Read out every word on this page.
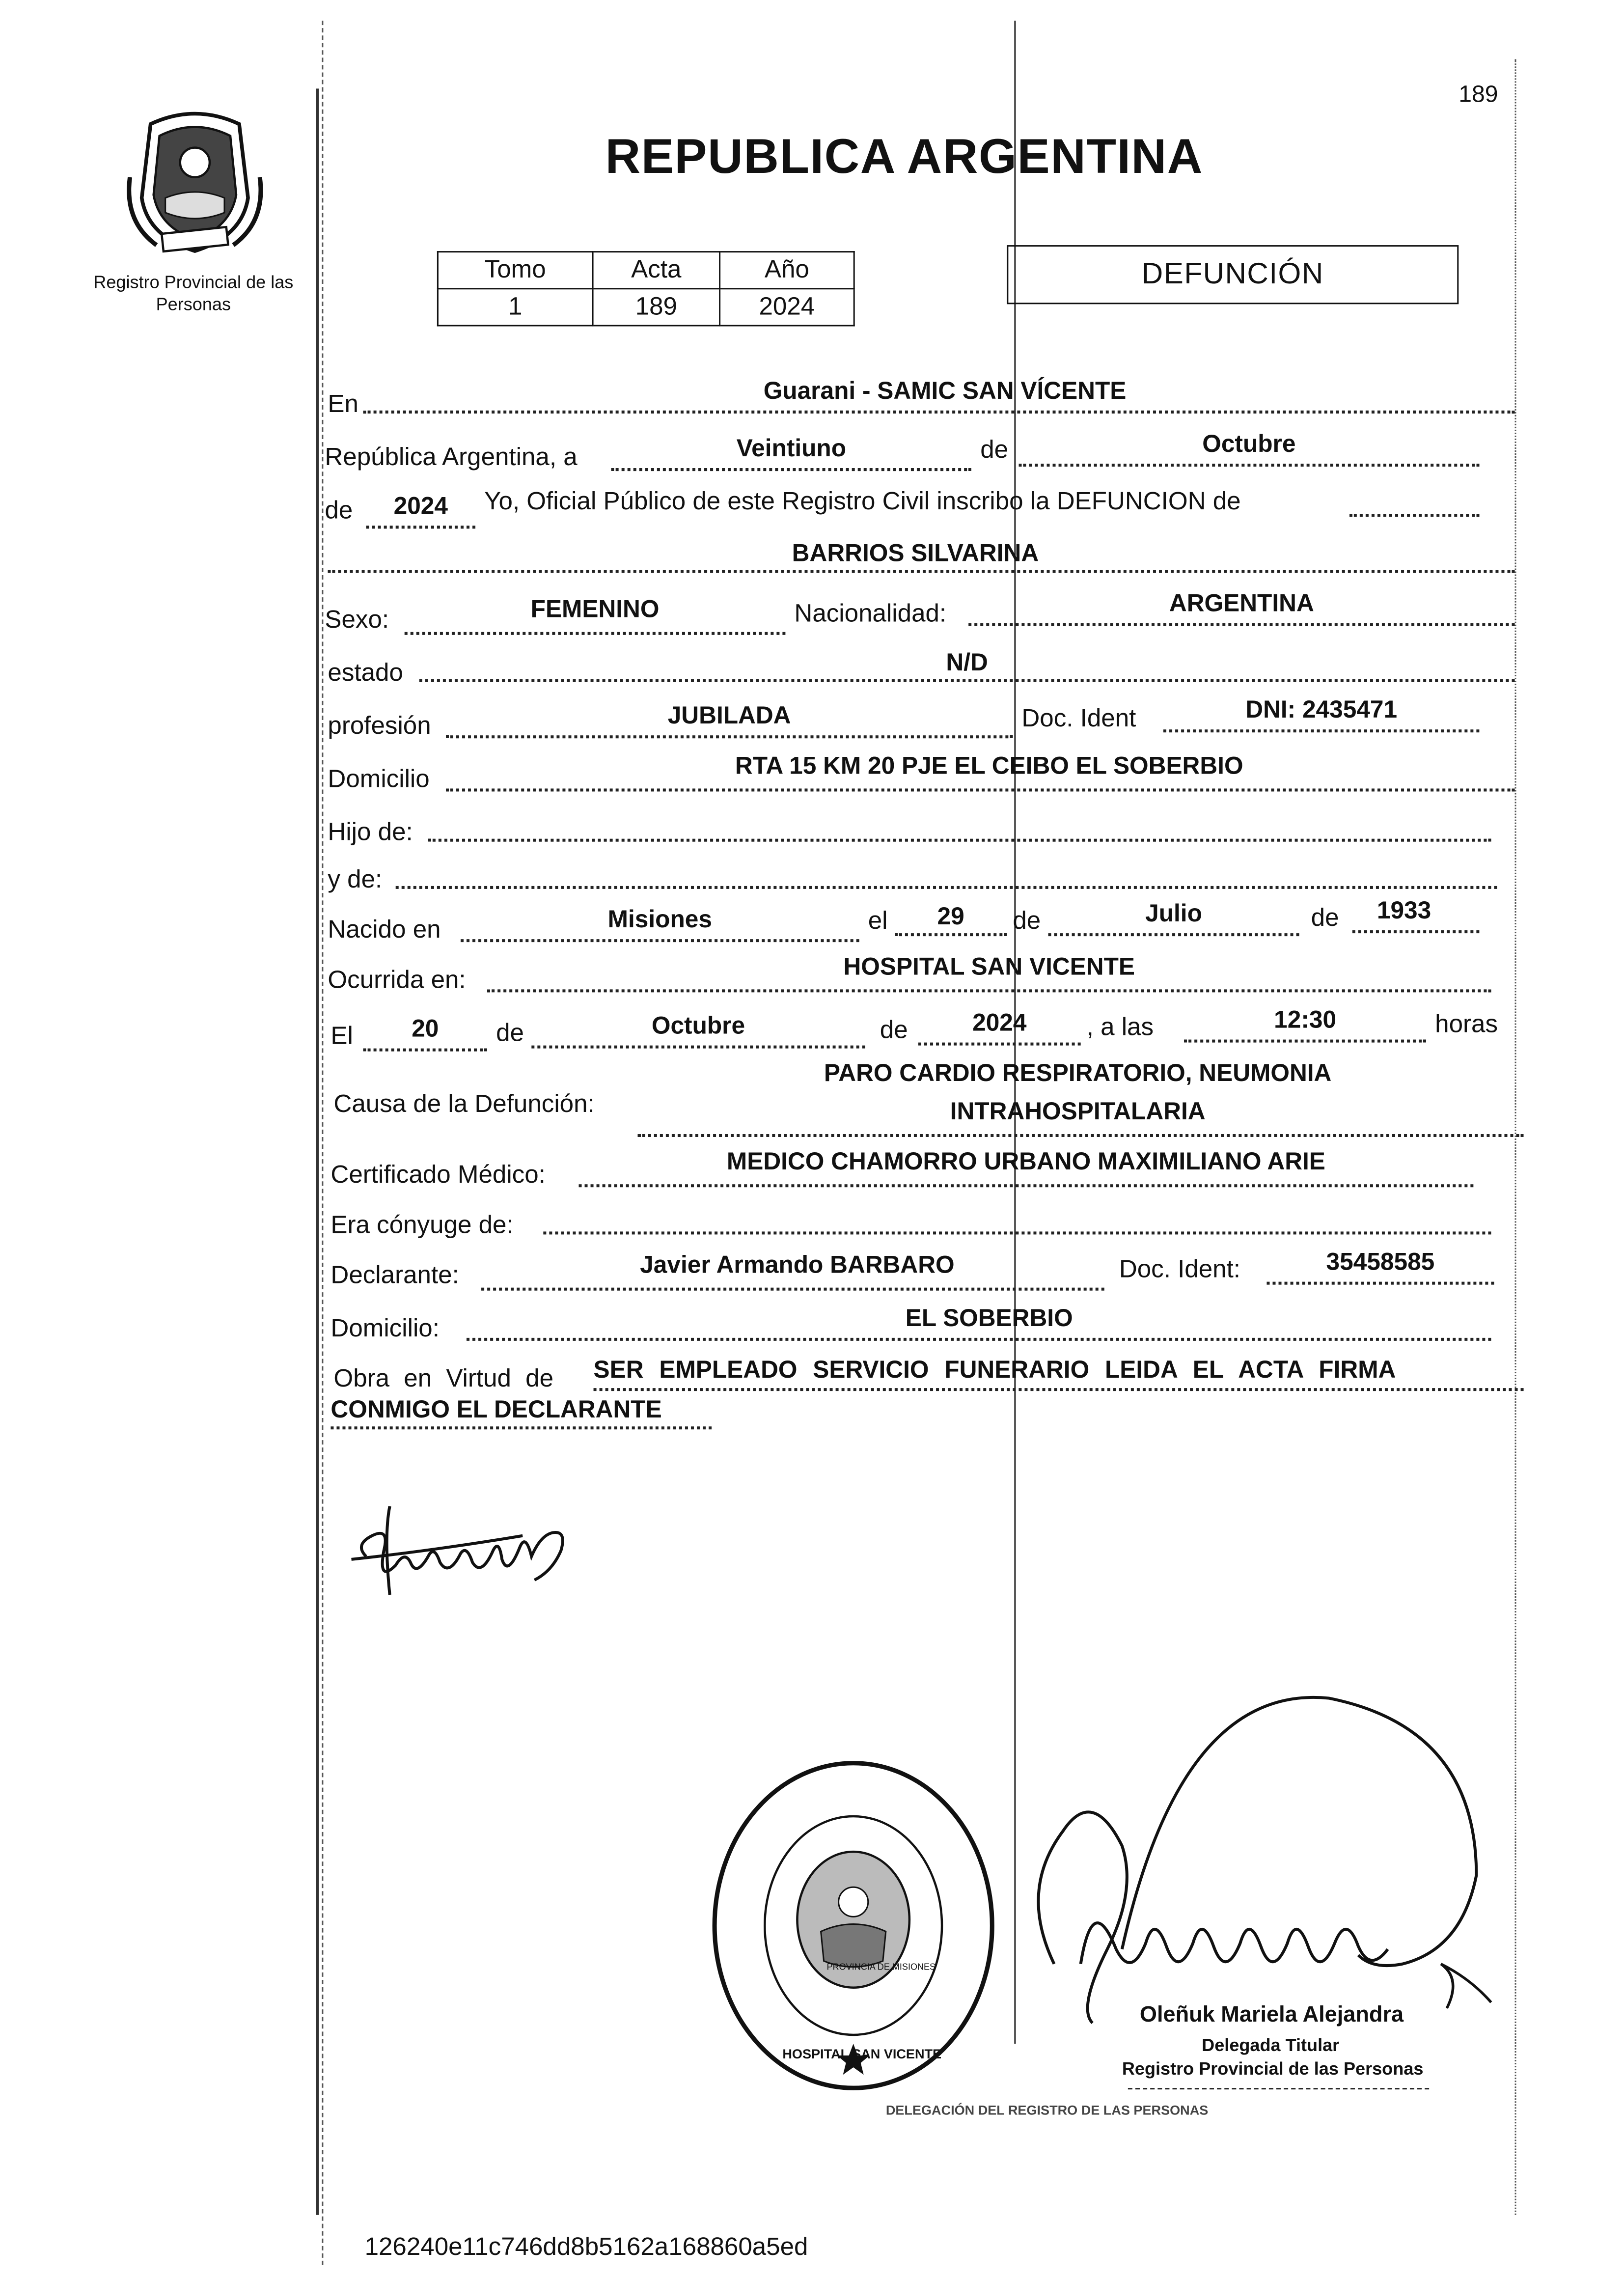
Registro Provincial de las Personas
189
REPUBLICA ARGENTINA
Tomo	Acta	Año
1	189	2024
DEFUNCIÓN
En	Guarani - SAMIC SAN VÍCENTE
República Argentina, a	Veintiuno	de	Octubre
de	2024	Yo, Oficial Público de este Registro Civil inscribo la DEFUNCION de
BARRIOS SILVARINA
Sexo:	FEMENINO	Nacionalidad:	ARGENTINA
estado	N/D
profesión	JUBILADA	Doc. Ident	DNI: 2435471
Domicilio	RTA 15 KM 20 PJE EL CEIBO EL SOBERBIO
Hijo de:
y de:
Nacido en	Misiones	el	29	de	Julio	de	1933
Ocurrida en:	HOSPITAL SAN VICENTE
El	20	de	Octubre	de	2024	, a las	12:30	horas
PARO CARDIO RESPIRATORIO, NEUMONIA
Causa de la Defunción:	INTRAHOSPITALARIA
Certificado Médico:	MEDICO CHAMORRO URBANO MAXIMILIANO ARIE
Era cónyuge de:
Declarante:	Javier Armando BARBARO	Doc. Ident:	35458585
Domicilio:	EL SOBERBIO
Obra en Virtud de	SER EMPLEADO SERVICIO FUNERARIO LEIDA EL ACTA FIRMA
CONMIGO EL DECLARANTE
DELEGACIÓN DEL REGISTRO DE LAS PERSONAS
HOSPITAL SAN VICENTE
PROVINCIA DE MISIONES
Oleñuk Mariela Alejandra
Delegada Titular
Registro Provincial de las Personas
126240e11c746dd8b5162a168860a5ed
